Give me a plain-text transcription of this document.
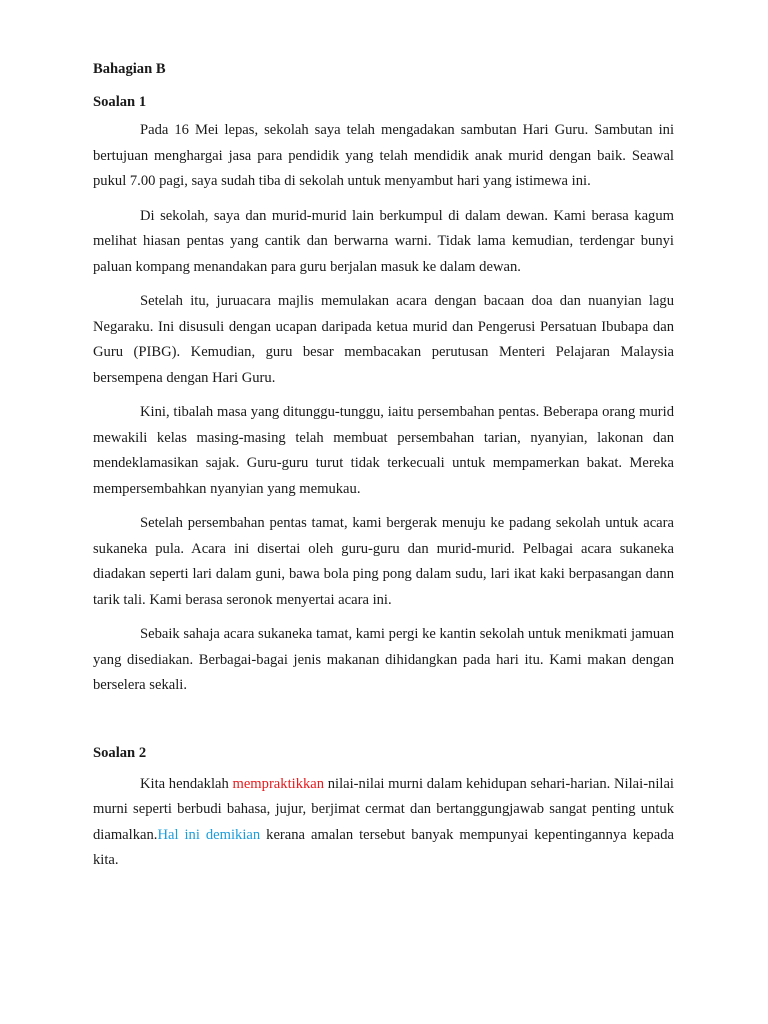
Bahagian B

Soalan 1

Pada 16 Mei lepas, sekolah saya telah mengadakan sambutan Hari Guru. Sambutan ini bertujuan menghargai jasa para pendidik yang telah mendidik anak murid dengan baik. Seawal pukul 7.00 pagi, saya sudah tiba di sekolah untuk menyambut hari yang istimewa ini.

Di sekolah, saya dan murid-murid lain berkumpul di dalam dewan. Kami berasa kagum melihat hiasan pentas yang cantik dan berwarna warni. Tidak lama kemudian, terdengar bunyi paluan kompang menandakan para guru berjalan masuk ke dalam dewan.

Setelah itu, juruacara majlis memulakan acara dengan bacaan doa dan nuanyian lagu Negaraku. Ini disusuli dengan ucapan daripada ketua murid dan Pengerusi Persatuan Ibubapa dan Guru (PIBG). Kemudian, guru besar membacakan perutusan Menteri Pelajaran Malaysia bersempena dengan Hari Guru.

Kini, tibalah masa yang ditunggu-tunggu, iaitu persembahan pentas. Beberapa orang murid mewakili kelas masing-masing telah membuat persembahan tarian, nyanyian, lakonan dan mendeklamasikan sajak. Guru-guru turut tidak terkecuali untuk mempamerkan bakat. Mereka mempersembahkan nyanyian yang memukau.

Setelah persembahan pentas tamat, kami bergerak menuju ke padang sekolah untuk acara sukaneka pula. Acara ini disertai oleh guru-guru dan murid-murid. Pelbagai acara sukaneka diadakan seperti lari dalam guni, bawa bola ping pong dalam sudu, lari ikat kaki berpasangan dann tarik tali. Kami berasa seronok menyertai acara ini.

Sebaik sahaja acara sukaneka tamat, kami pergi ke kantin sekolah untuk menikmati jamuan yang disediakan. Berbagai-bagai jenis makanan dihidangkan pada hari itu. Kami makan dengan berselera sekali.

Soalan 2

Kita hendaklah mempraktikkan nilai-nilai murni dalam kehidupan sehari-harian. Nilai-nilai murni seperti berbudi bahasa, jujur, berjimat cermat dan bertanggungjawab sangat penting untuk diamalkan.Hal ini demikian kerana amalan tersebut banyak mempunyai kepentingannya kepada kita.
